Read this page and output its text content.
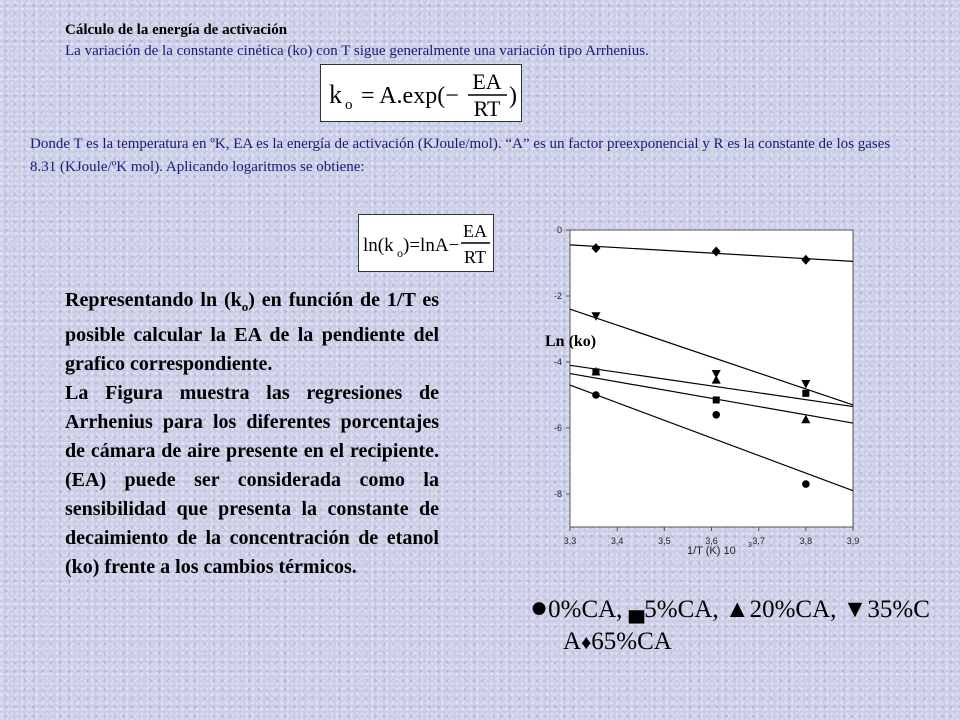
Cálculo de la energía de activación
La variación de la constante cinética (ko) con T sigue generalmente una variación tipo Arrhenius.
k o = A.exp(−
EA
RT )
Donde T es la temperatura en ºK, EA es la energía de activación (KJoule/mol). “A” es un factor preexponencial y R es la constante de los gases 8.31 (KJoule/ºK mol). Aplicando logaritmos se obtiene:
ln(k o )=lnA−
EA
RT

Representando $\ln (k_o)$ en función de 1/T es posible calcular la EA de la pendiente del grafico correspondiente.

La Figura muestra las regresiones de Arrhenius para los diferentes porcentajes de cámara de aire presente en el recipiente. (EA) puede ser considerada como la sensibilidad que presenta la constante de decaimiento de la concentración de etanol (ko) frente a los cambios térmicos.

3,3	3,4	3,5	3,6	3,7	3,8	3,9
0
-2
-4
-6
-8
Ln (ko)
1/T (K) 10 3
●0%CA, ▄5%CA, ▲20%CA, ▼35%C
A♦65%CA
